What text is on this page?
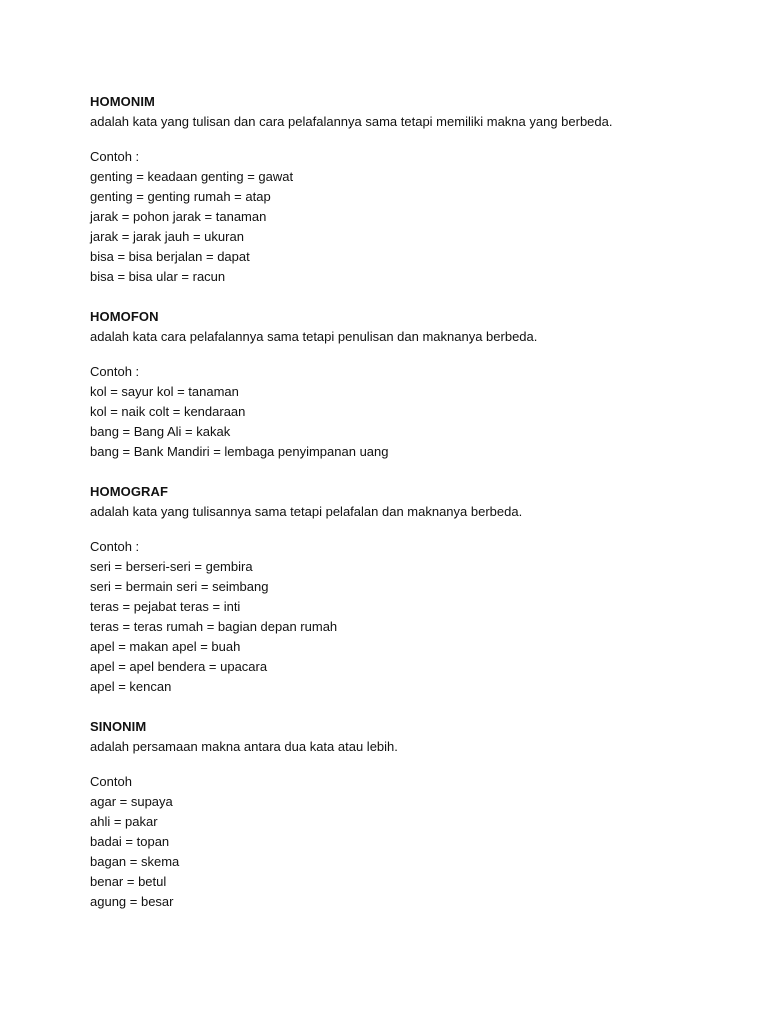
HOMONIM
adalah kata yang tulisan dan cara pelafalannya sama tetapi memiliki makna yang berbeda.
Contoh :
genting = keadaan genting = gawat
genting = genting rumah = atap
jarak = pohon jarak = tanaman
jarak = jarak jauh = ukuran
bisa = bisa berjalan = dapat
bisa = bisa ular = racun
HOMOFON
adalah kata cara pelafalannya sama tetapi penulisan dan maknanya berbeda.
Contoh :
kol = sayur kol = tanaman
kol = naik colt = kendaraan
bang = Bang Ali = kakak
bang = Bank Mandiri = lembaga penyimpanan uang
HOMOGRAF
adalah kata yang tulisannya sama tetapi pelafalan dan maknanya berbeda.
Contoh :
seri = berseri-seri = gembira
seri = bermain seri = seimbang
teras = pejabat teras = inti
teras = teras rumah = bagian depan rumah
apel = makan apel = buah
apel = apel bendera = upacara
apel = kencan
SINONIM
adalah persamaan makna antara dua kata atau lebih.
Contoh
agar = supaya
ahli = pakar
badai = topan
bagan = skema
benar = betul
agung = besar
